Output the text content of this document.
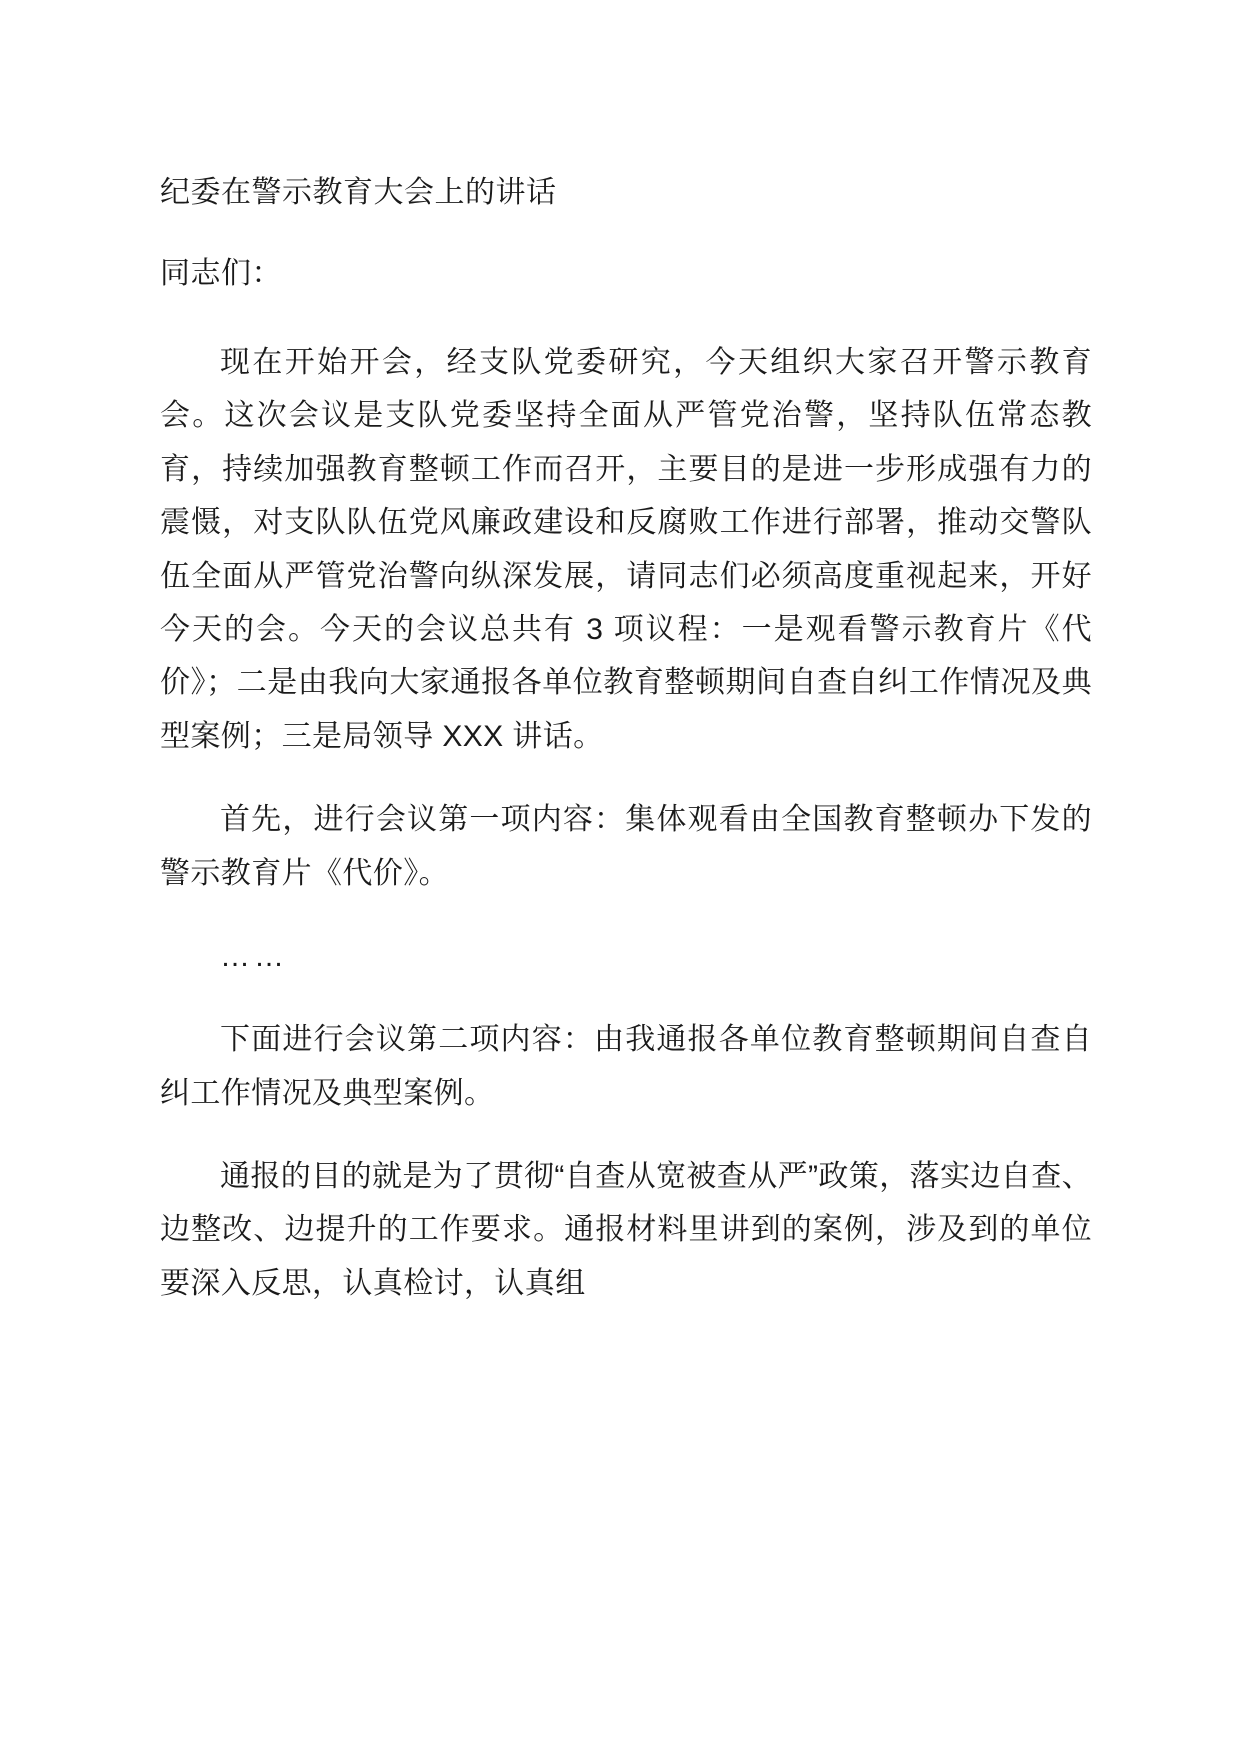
纪委在警示教育大会上的讲话

同志们：

现在开始开会，经支队党委研究，今天组织大家召开警示教育会。这次会议是支队党委坚持全面从严管党治警，坚持队伍常态教育，持续加强教育整顿工作而召开，主要目的是进一步形成强有力的震慑，对支队队伍党风廉政建设和反腐败工作进行部署，推动交警队伍全面从严管党治警向纵深发展，请同志们必须高度重视起来，开好今天的会。今天的会议总共有 3 项议程：一是观看警示教育片《代价》；二是由我向大家通报各单位教育整顿期间自查自纠工作情况及典型案例；三是局领导 XXX 讲话。

首先，进行会议第一项内容：集体观看由全国教育整顿办下发的警示教育片《代价》。

……

下面进行会议第二项内容：由我通报各单位教育整顿期间自查自纠工作情况及典型案例。

通报的目的就是为了贯彻“自查从宽被查从严”政策，落实边自查、边整改、边提升的工作要求。通报材料里讲到的案例，涉及到的单位要深入反思，认真检讨，认真组
